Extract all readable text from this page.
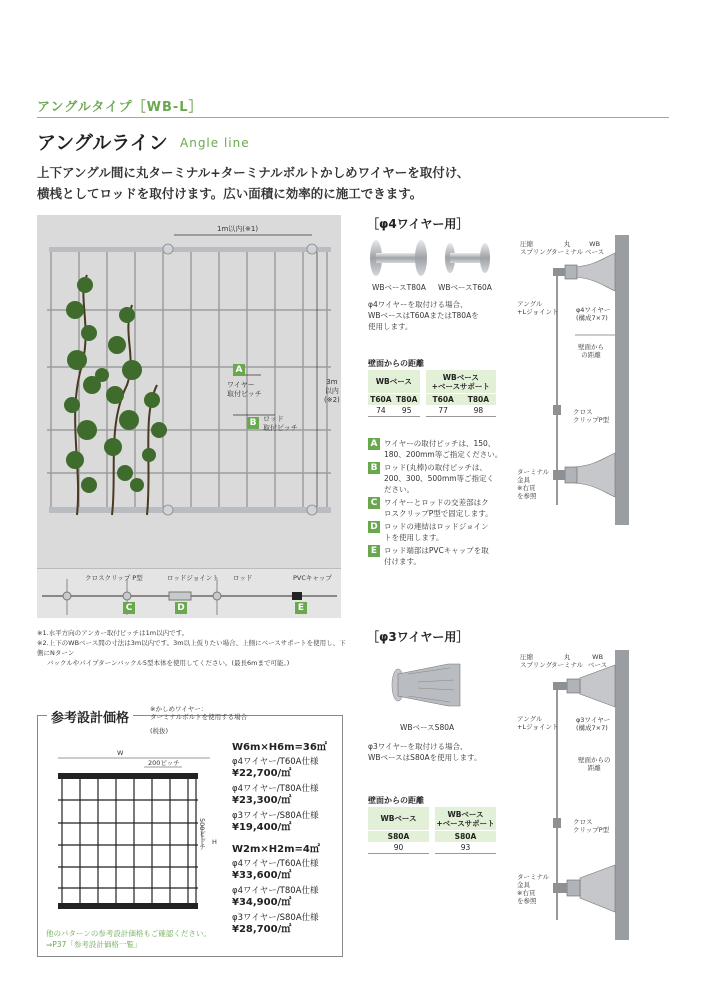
アングルタイプ［WB-L］
アングルライン Angle line
上下アングル間に丸ターミナル+ターミナルボルトかしめワイヤーを取付け、
横桟としてロッドを取付けます。広い面積に効率的に施工できます。
1m以内(※1)
3m
以内
(※2)
A
ワイヤー
取付ピッチ
B ロッド
取付ピッチ
クロスクリップ P型	ロッドジョイント ロッド	PVCキャップ
C	D	E
※1.水平方向のアンカー取付ピッチは1m以内です。
※2.上下のWBベース間の寸法は3m以内です。3m以上仮りたい場合、上側にベースサポートを使用し、下側にNターン
バックルやパイプターンバックル5型本体を使用してください。(最長6mまで可能。)
［φ4ワイヤー用］
WBベースT80A WBベースT60A
φ4ワイヤーを取付ける場合、
WBベースはT60AまたはT80Aを
使用します。
壁面からの距離
WBベース			WBベース
+ベースサポート	

T60A	T80A		T60A	T80A
74	95		77	98
A ワイヤーの取付ピッチは、150、
180、200mm等ご指定ください。
B ロッド(丸棒)の取付ピッチは、
200、300、500mm等ご指定く
ださい。
C ワイヤーとロッドの交差部はク
ロスクリップP型で固定します。
D ロッドの連結はロッドジョイン
トを使用します。
E ロッド端部はPVCキャップを取
付けます。
圧縮
スプリング
丸
ターミナル
WB
ベース
アングル
+Lジョイント	φ4ワイヤー
(構成7×7)
壁面から
の距離
クロス
クリップP型
ターミナル
金具
※右頁
を参照
［φ3ワイヤー用］
WBベースS80A
φ3ワイヤーを取付ける場合、
WBベースはS80Aを使用します。
壁面からの距離
WBベース		WBベース
+ベースサポート

S80A		S80A
90		93
圧縮
スプリング
丸
ターミナル
WB
ベース
アングル
+Lジョイント
φ3ワイヤー
(構成7×7)
壁面からの
距離
クロス
クリップP型
ターミナル
金具
※右頁
を参照
参考設計価格
※かしめワイヤー：
ターミナルボルトを使用する場合
(税抜)
W
200ピッチ
500ピッチ H
W6m×H6m=36㎡
φ4ワイヤー/T60A仕様
¥22,700/㎡
φ4ワイヤー/T80A仕様
¥23,300/㎡
φ3ワイヤー/S80A仕様
¥19,400/㎡
W2m×H2m=4㎡
φ4ワイヤー/T60A仕様
¥33,600/㎡
φ4ワイヤー/T80A仕様
¥34,900/㎡
φ3ワイヤー/S80A仕様
¥28,700/㎡
他のパターンの参考設計価格もご確認ください。
⇒P37「参考設計価格一覧」
